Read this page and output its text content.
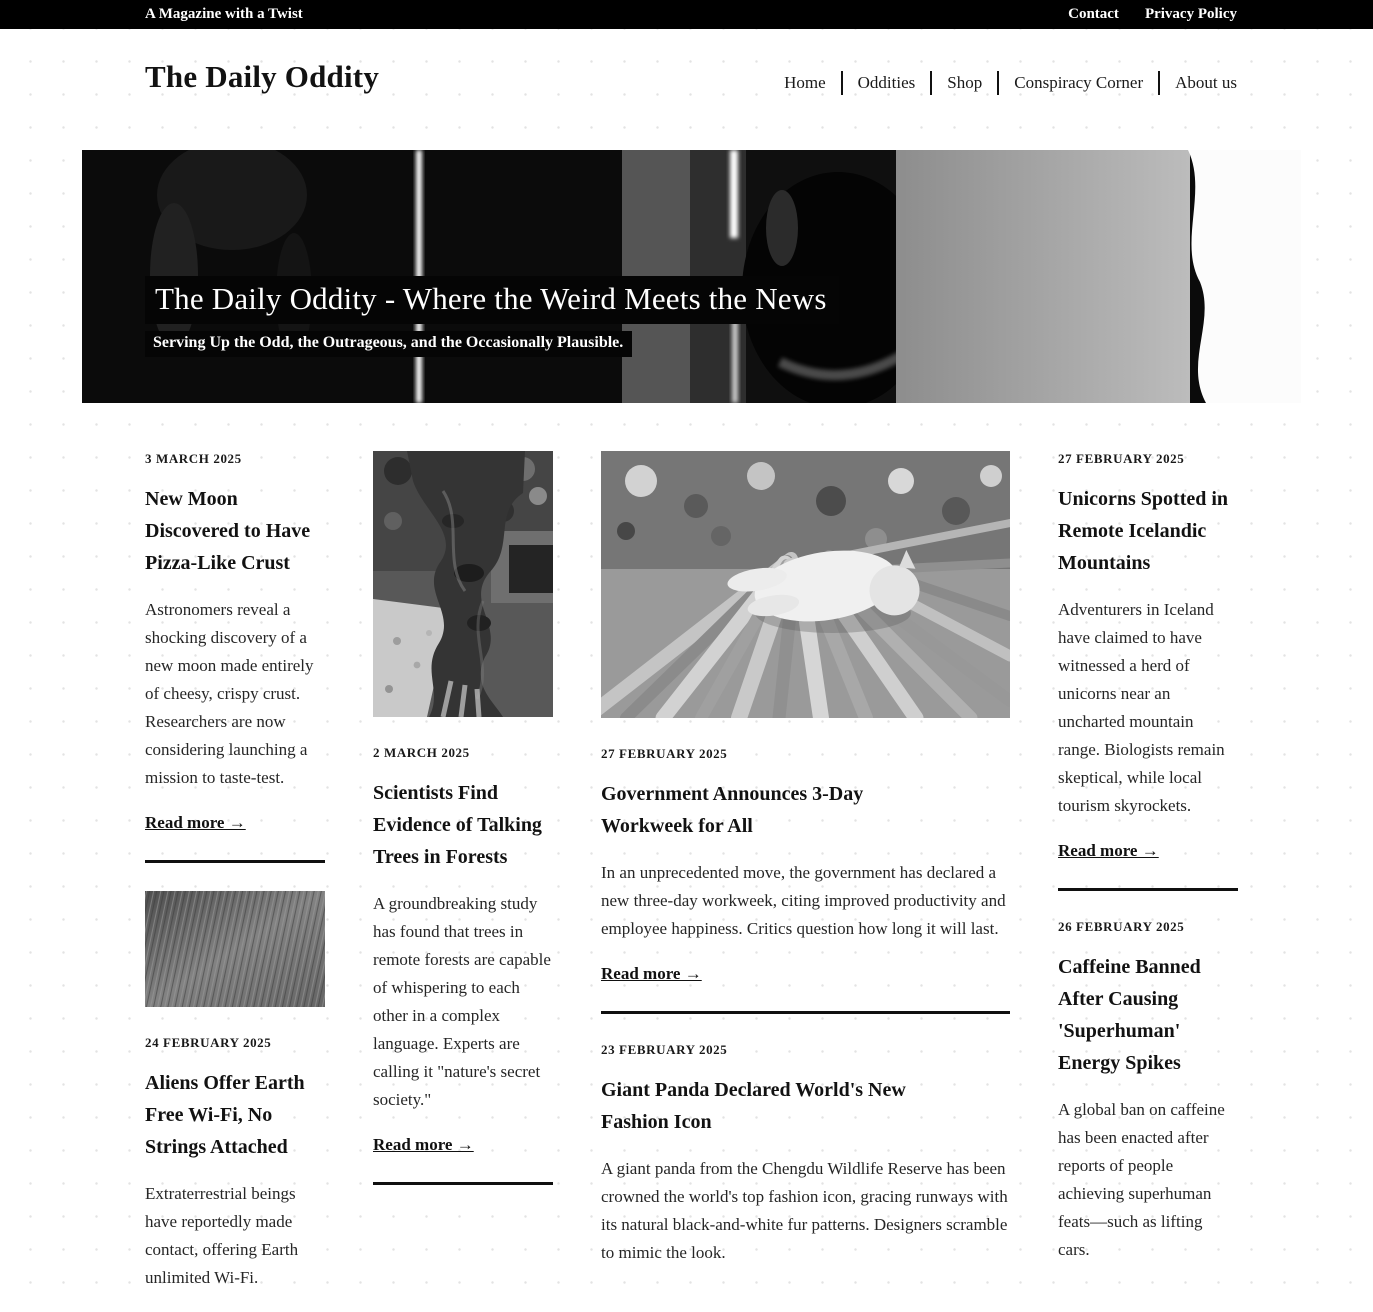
A Magazine with a Twist	Contact Privacy Policy
The Daily Oddity	Home	Oddities	Shop	Conspiracy Corner	About us
The Daily Oddity - Where the Weird Meets the News

Serving Up the Odd, the Outrageous, and the Occasionally Plausible.

3 MARCH 2025
New Moon Discovered to Have Pizza-Like Crust

Astronomers reveal a shocking discovery of a new moon made entirely of cheesy, crispy crust. Researchers are now considering launching a mission to taste-test.

Read more →
24 FEBRUARY 2025
Aliens Offer Earth Free Wi-Fi, No Strings Attached

Extraterrestrial beings have reportedly made contact, offering Earth unlimited Wi-Fi.

2 MARCH 2025
Scientists Find Evidence of Talking Trees in Forests

A groundbreaking study has found that trees in remote forests are capable of whispering to each other in a complex language. Experts are calling it "nature's secret society."

Read more →
27 FEBRUARY 2025
Government Announces 3-Day Workweek for All

In an unprecedented move, the government has declared a new three-day workweek, citing improved productivity and employee happiness. Critics question how long it will last.

Read more →
23 FEBRUARY 2025
Giant Panda Declared World's New Fashion Icon

A giant panda from the Chengdu Wildlife Reserve has been crowned the world's top fashion icon, gracing runways with its natural black-and-white fur patterns. Designers scramble to mimic the look.

27 FEBRUARY 2025
Unicorns Spotted in Remote Icelandic Mountains

Adventurers in Iceland have claimed to have witnessed a herd of unicorns near an uncharted mountain range. Biologists remain skeptical, while local tourism skyrockets.

Read more →
26 FEBRUARY 2025
Caffeine Banned After Causing 'Superhuman' Energy Spikes

A global ban on caffeine has been enacted after reports of people achieving superhuman feats—such as lifting cars.
